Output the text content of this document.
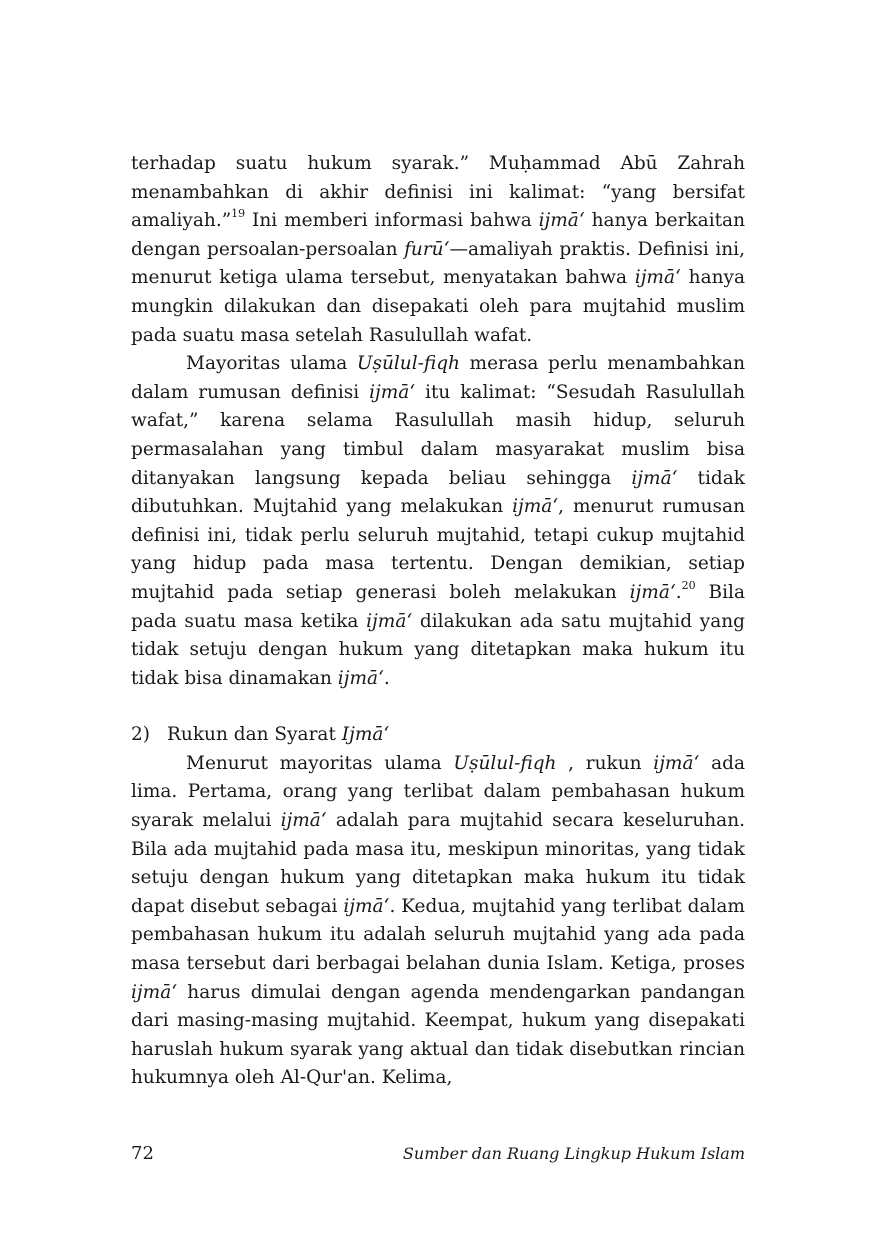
terhadap suatu hukum syarak.” Muḥammad Abū Zahrah menambahkan di akhir definisi ini kalimat: “yang bersifat amaliyah.”$^{19}$ Ini memberi informasi bahwa ijmā‘ hanya berkaitan dengan persoalan-persoalan furū‘—amaliyah praktis. Definisi ini, menurut ketiga ulama tersebut, menyatakan bahwa ijmā‘ hanya mungkin dilakukan dan disepakati oleh para mujtahid muslim pada suatu masa setelah Rasulullah wafat.

Mayoritas ulama Uṣūlul-fiqh merasa perlu menambahkan dalam rumusan definisi ijmā‘ itu kalimat: “Sesudah Rasulullah wafat,” karena selama Rasulullah masih hidup, seluruh permasalahan yang timbul dalam masyarakat muslim bisa ditanyakan langsung kepada beliau sehingga ijmā‘ tidak dibutuhkan. Mujtahid yang melakukan ijmā‘, menurut rumusan definisi ini, tidak perlu seluruh mujtahid, tetapi cukup mujtahid yang hidup pada masa tertentu. Dengan demikian, setiap mujtahid pada setiap generasi boleh melakukan ijmā‘.$^{20}$ Bila pada suatu masa ketika ijmā‘ dilakukan ada satu mujtahid yang tidak setuju dengan hukum yang ditetapkan maka hukum itu tidak bisa dinamakan ijmā‘.

2) Rukun dan Syarat Ijmā‘

Menurut mayoritas ulama Uṣūlul-fiqh , rukun ijmā‘ ada lima. Pertama, orang yang terlibat dalam pembahasan hukum syarak melalui ijmā‘ adalah para mujtahid secara keseluruhan. Bila ada mujtahid pada masa itu, meskipun minoritas, yang tidak setuju dengan hukum yang ditetapkan maka hukum itu tidak dapat disebut sebagai ijmā‘. Kedua, mujtahid yang terlibat dalam pembahasan hukum itu adalah seluruh mujtahid yang ada pada masa tersebut dari berbagai belahan dunia Islam. Ketiga, proses ijmā‘ harus dimulai dengan agenda mendengarkan pandangan dari masing-masing mujtahid. Keempat, hukum yang disepakati haruslah hukum syarak yang aktual dan tidak disebutkan rincian hukumnya oleh Al-Qur'an. Kelima,

72	Sumber dan Ruang Lingkup Hukum Islam
